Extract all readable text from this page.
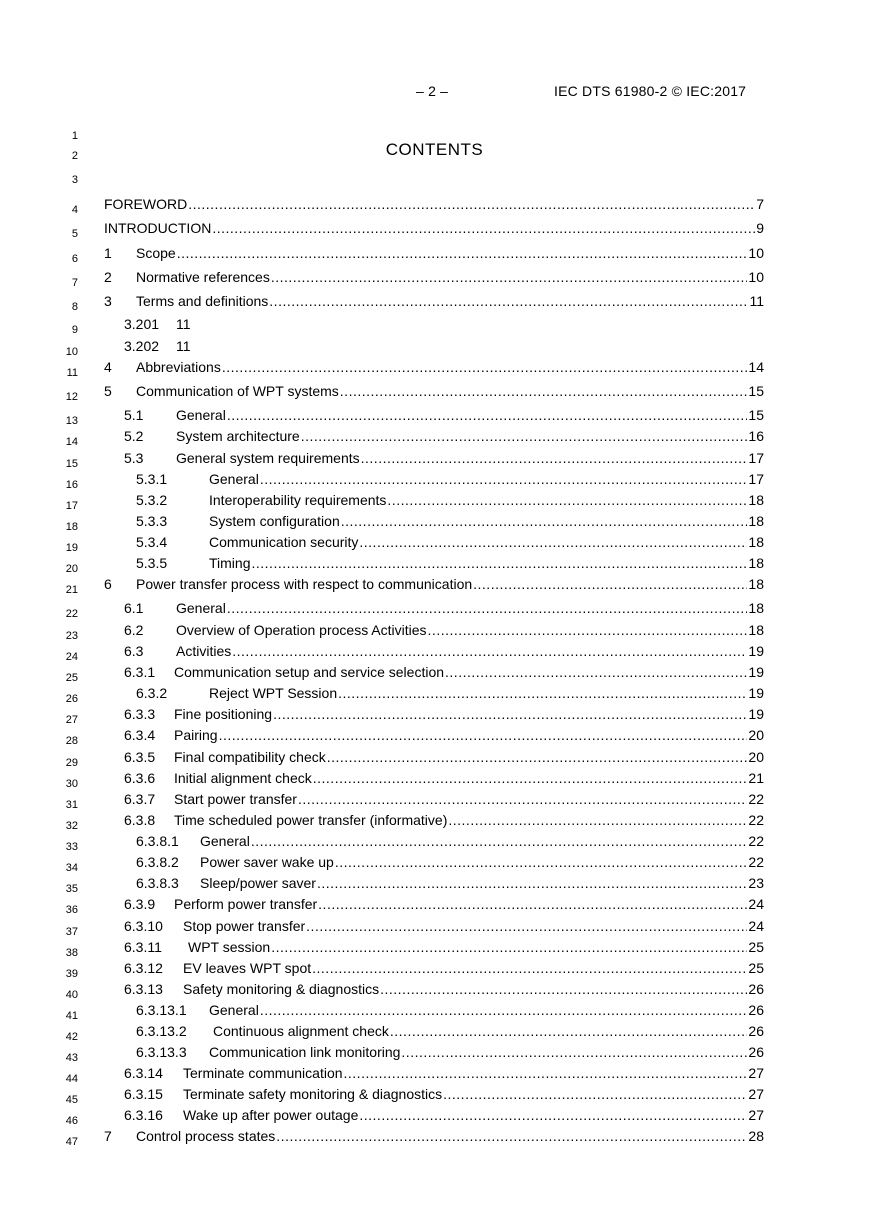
– 2 –	IEC DTS 61980-2 © IEC:2017
CONTENTS
1
2
3
4
5
6
7
8
9
10
11
12
13
14
15
16
17
18
19
20
21
22
23
24
25
26
27
28
29
30
31
32
33
34
35
36
37
38
39
40
41
42
43
44
45
46
47
FOREWORD .....	7
INTRODUCTION .....	9
1 Scope .....	10
2 Normative references .....	10
3 Terms and definitions .....	11
3.201 11
3.202 11
4 Abbreviations .....	14
5 Communication of WPT systems .....	15
5.1 General .....	15
5.2 System architecture .....	16
5.3 General system requirements .....	17
5.3.1	General .....	17
5.3.2	Interoperability requirements .....	18
5.3.3	System configuration .....	18
5.3.4	Communication security .....	18
5.3.5	Timing .....	18
6 Power transfer process with respect to communication .....	18
6.1 General .....	18
6.2 Overview of Operation process Activities .....	18
6.3 Activities .....	19
6.3.1 Communication setup and service selection .....	19
6.3.2	Reject WPT Session .....	19
6.3.3 Fine positioning .....	19
6.3.4 Pairing .....	20
6.3.5 Final compatibility check .....	20
6.3.6 Initial alignment check .....	21
6.3.7 Start power transfer .....	22
6.3.8 Time scheduled power transfer (informative) .....	22
6.3.8.1 General .....	22
6.3.8.2 Power saver wake up .....	22
6.3.8.3 Sleep/power saver .....	23
6.3.9 Perform power transfer .....	24
6.3.10 Stop power transfer .....	24
6.3.11 WPT session .....	25
6.3.12 EV leaves WPT spot .....	25
6.3.13 Safety monitoring & diagnostics .....	26
6.3.13.1 General .....	26
6.3.13.2 Continuous alignment check .....	26
6.3.13.3 Communication link monitoring .....	26
6.3.14 Terminate communication .....	27
6.3.15 Terminate safety monitoring & diagnostics .....	27
6.3.16 Wake up after power outage .....	27
7 Control process states .....	28
